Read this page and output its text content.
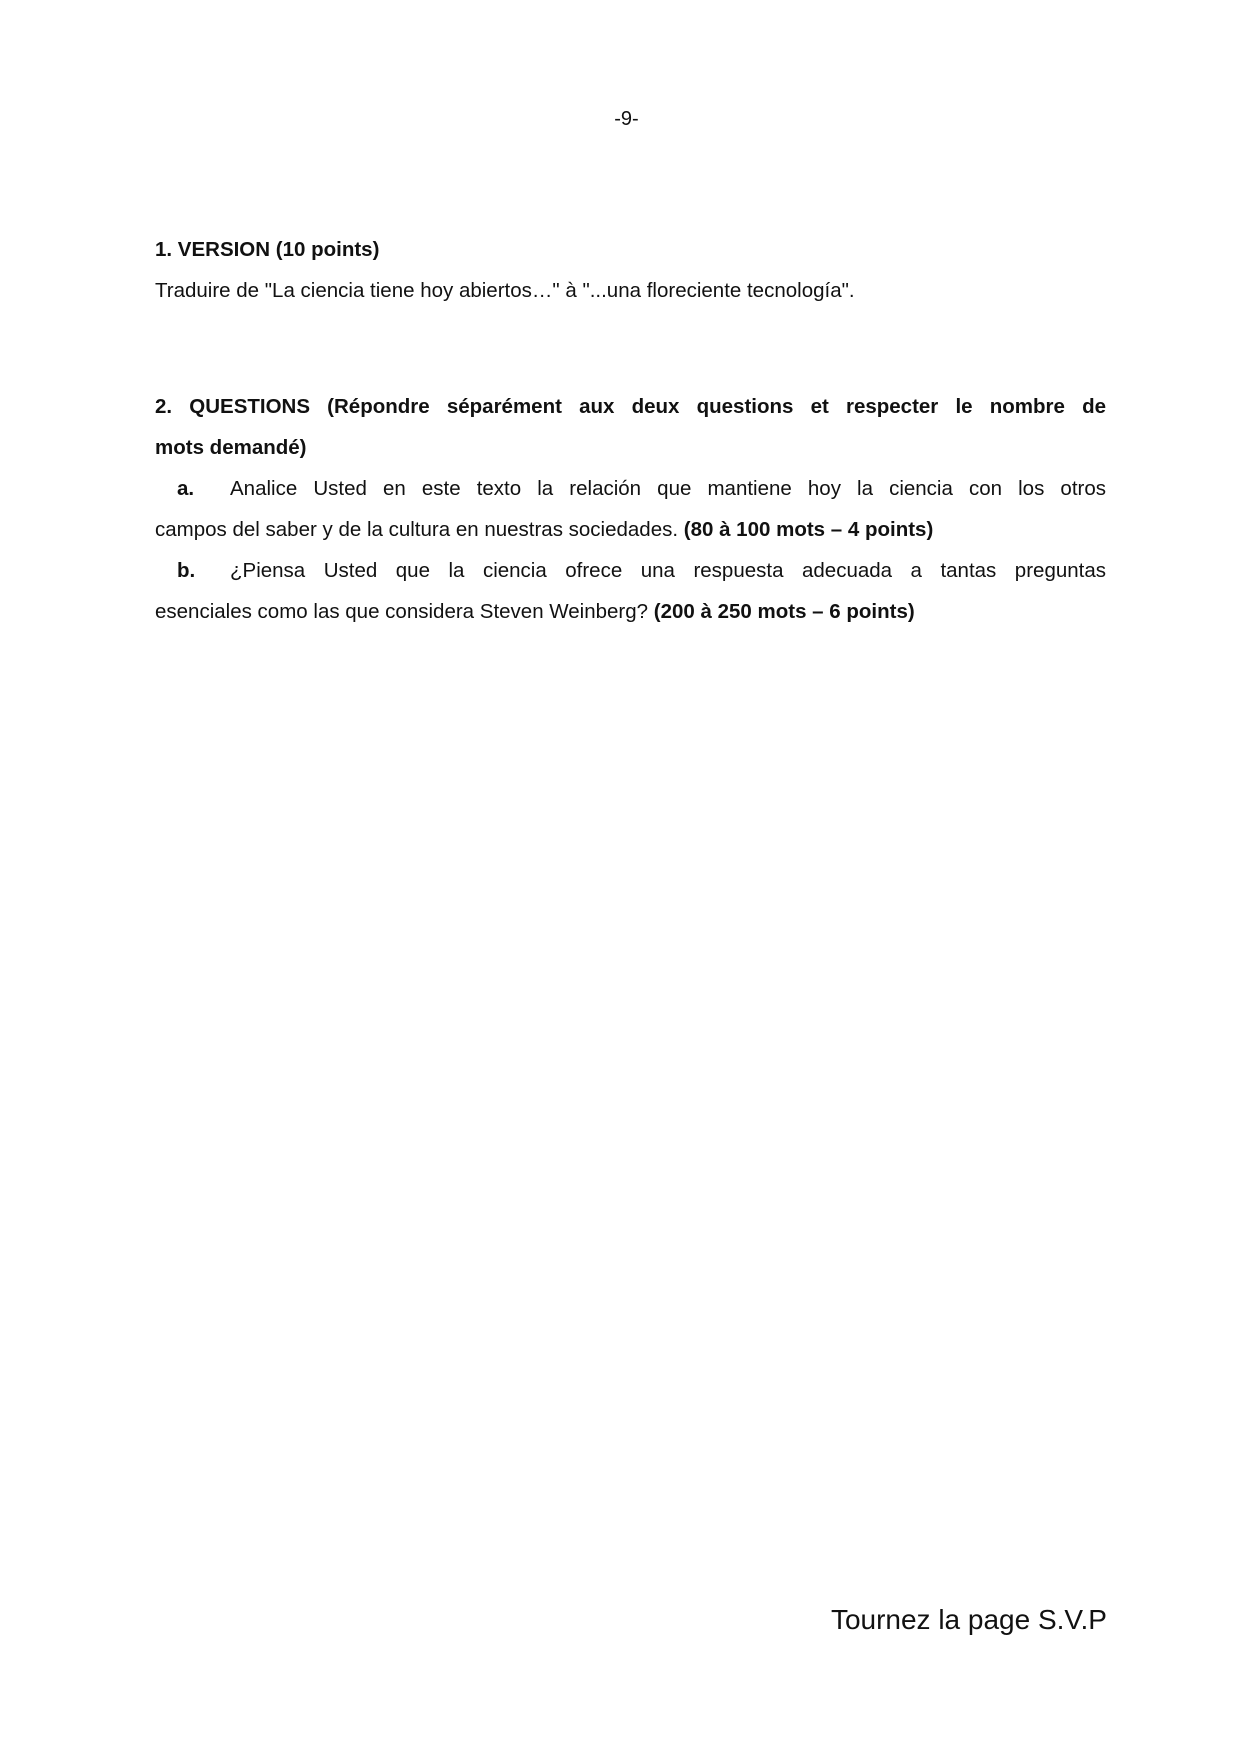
-9-

1. VERSION (10 points)

Traduire de "La ciencia tiene hoy abiertos…" à "...una floreciente tecnología".

2. QUESTIONS (Répondre séparément aux deux questions et respecter le nombre de

mots demandé)

a. Analice Usted en este texto la relación que mantiene hoy la ciencia con los otros

campos del saber y de la cultura en nuestras sociedades. (80 à 100 mots – 4 points)

b. ¿Piensa Usted que la ciencia ofrece una respuesta adecuada a tantas preguntas

esenciales como las que considera Steven Weinberg? (200 à 250 mots – 6 points)

Tournez la page S.V.P
